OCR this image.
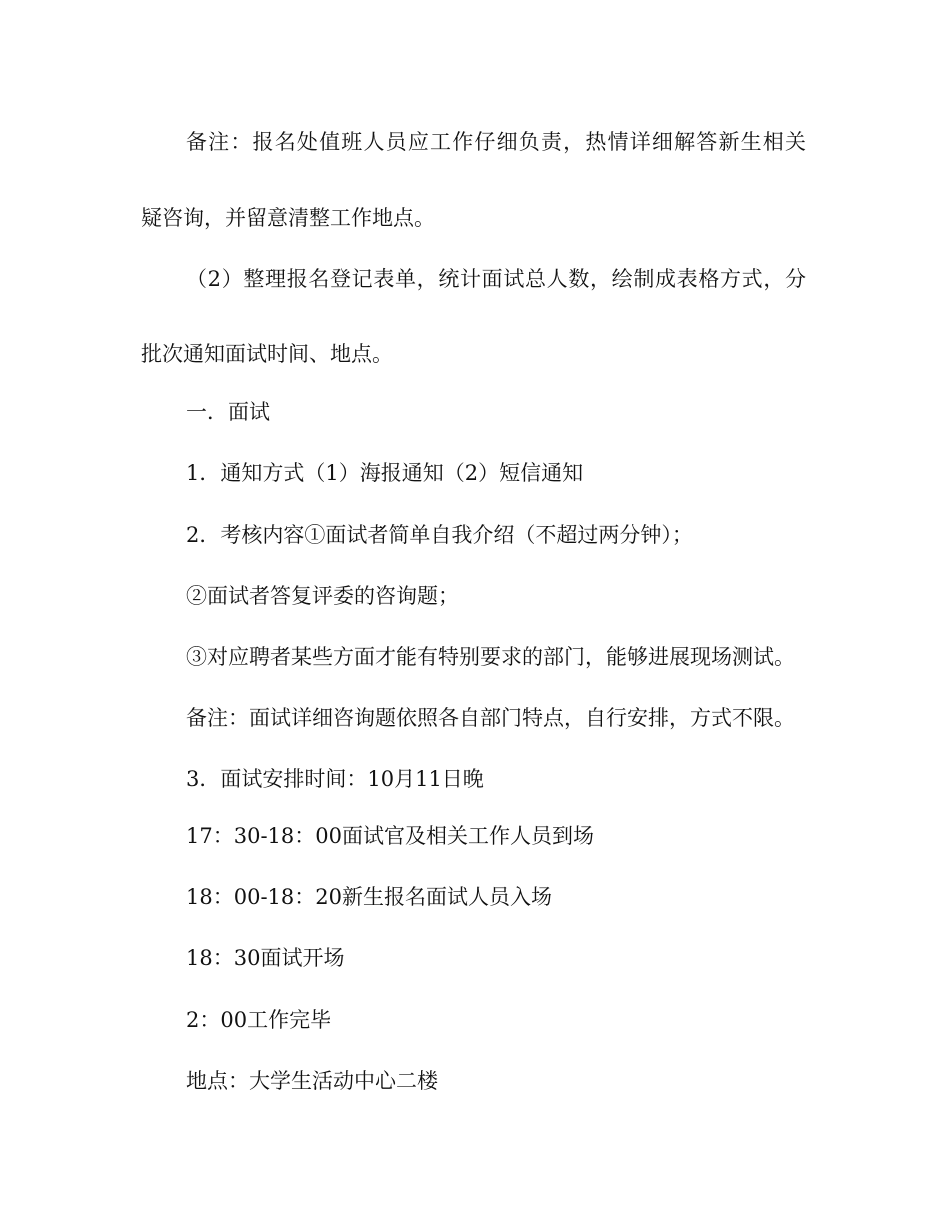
备注：报名处值班人员应工作仔细负责，热情详细解答新生相关

疑咨询，并留意清整工作地点。

（2）整理报名登记表单，统计面试总人数，绘制成表格方式，分

批次通知面试时间、地点。

一．面试

1．通知方式（1）海报通知（2）短信通知

2．考核内容①面试者简单自我介绍（不超过两分钟）；

②面试者答复评委的咨询题；

③对应聘者某些方面才能有特别要求的部门，能够进展现场测试。

备注：面试详细咨询题依照各自部门特点，自行安排，方式不限。

3．面试安排时间：10月11日晚

17：30-18：00面试官及相关工作人员到场

18：00-18：20新生报名面试人员入场

18：30面试开场

2：00工作完毕

地点：大学生活动中心二楼
